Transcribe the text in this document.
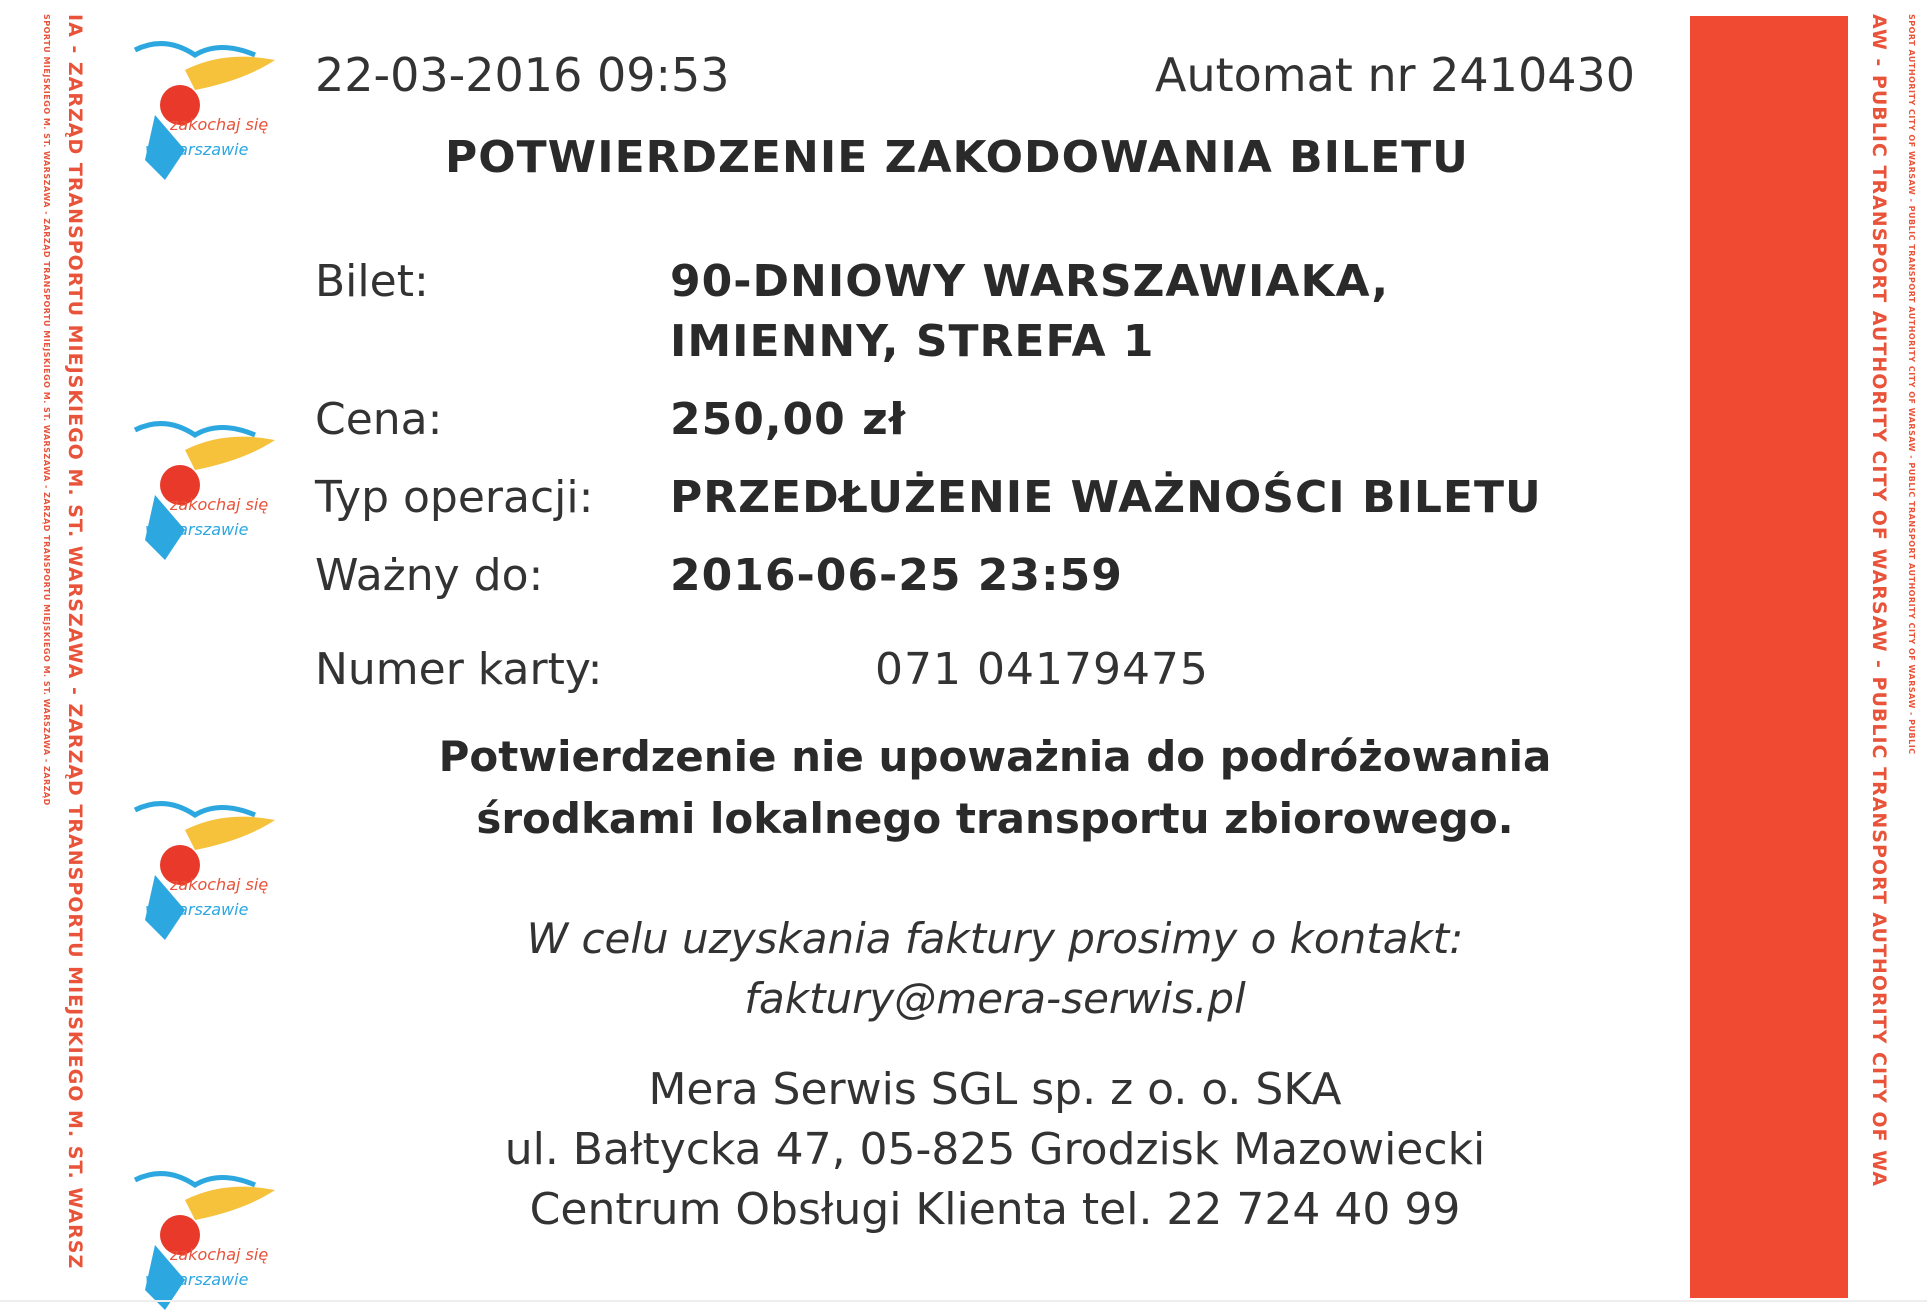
IA - ZARZĄD TRANSPORTU MIEJSKIEGO M. ST. WARSZAWA - ZARZĄD TRANSPORTU MIEJSKIEGO M. ST. WARSZ
SPORTU MIEJSKIEGO M. ST. WARSZAWA - ZARZĄD TRANSPORTU MIEJSKIEGO M. ST. WARSZAWA - ZARZĄD TRANSPORTU MIEJSKIEGO M. ST. WARSZAWA - ZARZĄD	zakochaj się
w Warszawie
zakochaj się
w Warszawie
zakochaj się
w Warszawie
zakochaj się
w Warszawie
AW - PUBLIC TRANSPORT AUTHORITY CITY OF WARSAW - PUBLIC TRANSPORT AUTHORITY CITY OF WA SPORT AUTHORITY CITY OF WARSAW - PUBLIC TRANSPORT AUTHORITY CITY OF WARSAW - PUBLIC TRANSPORT AUTHORITY CITY OF WARSAW - PUBLIC
22-03-2016 09:53	Automat nr 2410430
POTWIERDZENIE ZAKODOWANIA BILETU
Bilet:	90-DNIOWY WARSZAWIAKA,
IMIENNY, STREFA 1
Cena:	250,00 zł
Typ operacji: PRZEDŁUŻENIE WAŻNOŚCI BILETU
Ważny do:	2016-06-25 23:59
Numer karty:	071 04179475
Potwierdzenie nie upoważnia do podróżowania
środkami lokalnego transportu zbiorowego.
W celu uzyskania faktury prosimy o kontakt:
faktury@mera-serwis.pl
Mera Serwis SGL sp. z o. o. SKA
ul. Bałtycka 47, 05-825 Grodzisk Mazowiecki
Centrum Obsługi Klienta tel. 22 724 40 99
